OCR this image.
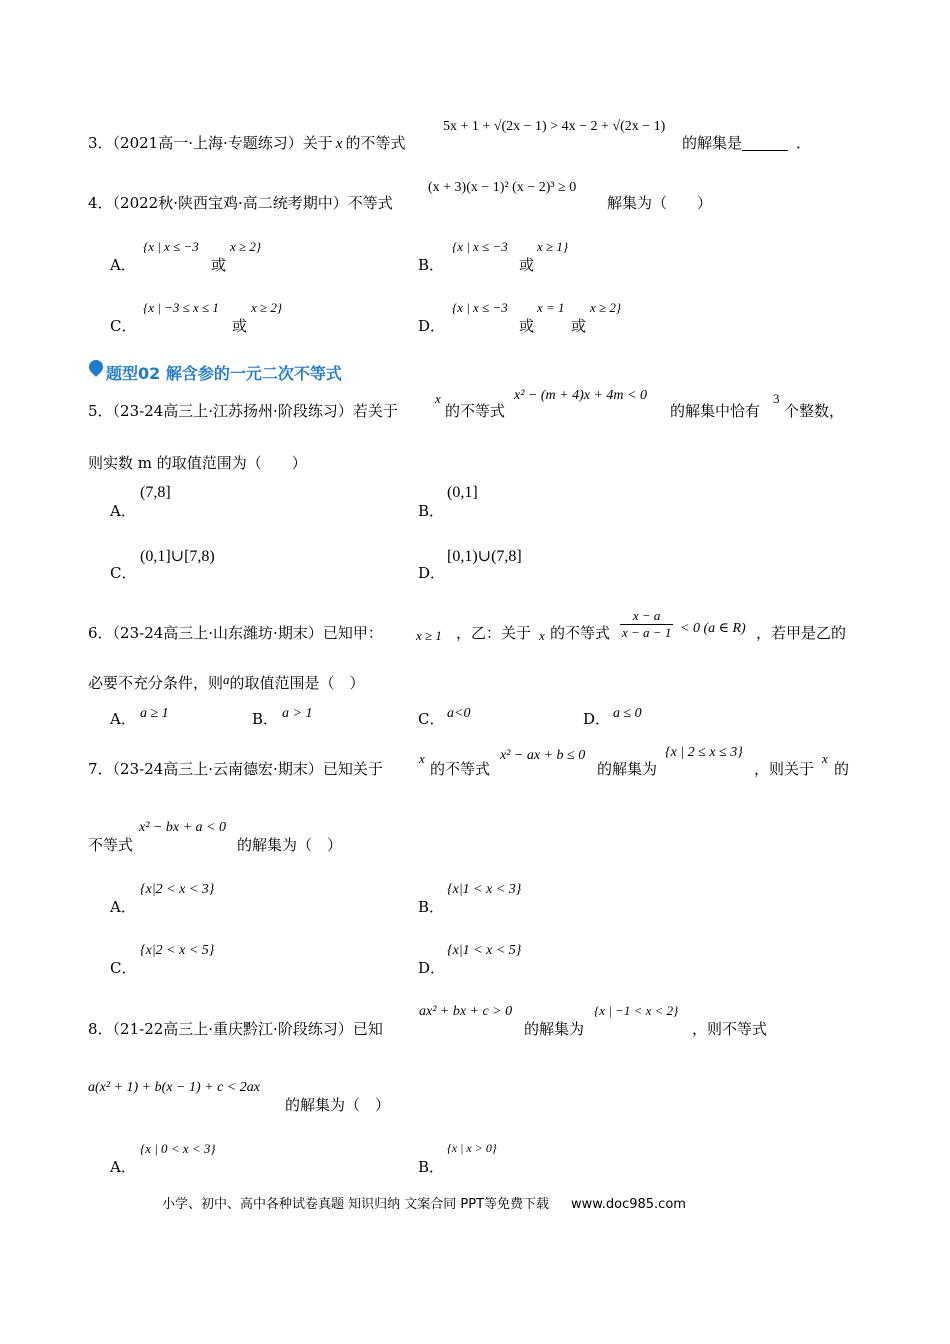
3．（2021高一·上海·专题练习）关于 x 的不等式
5x + 1 + √(2x − 1) > 4x − 2 + √(2x − 1)
的解集是	．
4．（2022秋·陕西宝鸡·高二统考期中）不等式
(x + 3)(x − 1)² (x − 2)³ ≥ 0
解集为（　　）
A．
{x | x ≤ −3
或
x ≥ 2}
B．
{x | x ≤ −3
或
x ≥ 1}
C．
{x | −3 ≤ x ≤ 1
或
x ≥ 2}
D．
{x | x ≤ −3
或
x = 1
或
x ≥ 2}
题型02 解含参的一元二次不等式
5．（23-24高三上·江苏扬州·阶段练习）若关于
x
的不等式
x² − (m + 4)x + 4m < 0
的解集中恰有
3
个整数，
则实数 m 的取值范围为（　　）
A．
(7,8]
B．
(0,1]
C．
(0,1]∪[7,8)
D．
[0,1)∪(7,8]
6．（23-24高三上·山东潍坊·期末）已知甲：	x ≥ 1 ，乙：关于 x 的不等式 $\frac{x - a}{x - a - 1} < 0$ (a ∈ R) ，若甲是乙的
必要不充分条件，则a的取值范围是（　）
A． a ≥ 1	B． a > 1	C． a<0	D． a ≤ 0
7．（23-24高三上·云南德宏·期末）已知关于
x
的不等式
x² − ax + b ≤ 0
的解集为
{x | 2 ≤ x ≤ 3}
，则关于
x
的
不等式
x² − bx + a < 0
的解集为（　）
A．
{x|2 < x < 3}
B．
{x|1 < x < 3}
C．
{x|2 < x < 5}
D．
{x|1 < x < 5}
8．（21-22高三上·重庆黔江·阶段练习）已知
ax² + bx + c > 0
的解集为
{x | −1 < x < 2}
，则不等式
a(x² + 1) + b(x − 1) + c < 2ax
的解集为（　）
A．
{x | 0 < x < 3}
B．
{x | x > 0}
小学、初中、高中各种试卷真题 知识归纳 文案合同 PPT等免费下载 www.doc985.com
